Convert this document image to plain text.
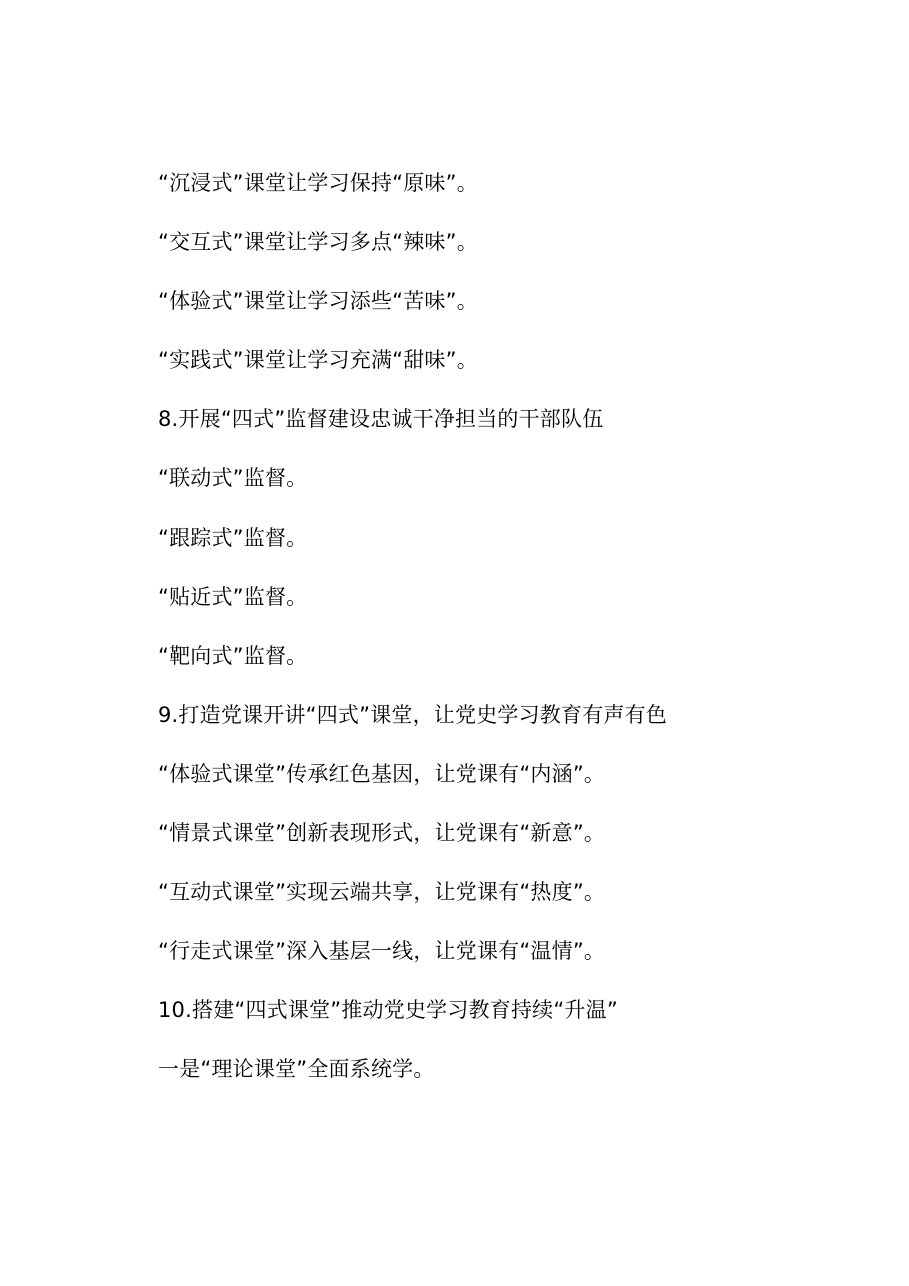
“沉浸式”课堂让学习保持“原味”。
“交互式”课堂让学习多点“辣味”。
“体验式”课堂让学习添些“苦味”。
“实践式”课堂让学习充满“甜味”。
8.开展“四式”监督建设忠诚干净担当的干部队伍
“联动式”监督。
“跟踪式”监督。
“贴近式”监督。
“靶向式”监督。
9.打造党课开讲“四式”课堂，让党史学习教育有声有色
“体验式课堂”传承红色基因，让党课有“内涵”。
“情景式课堂”创新表现形式，让党课有“新意”。
“互动式课堂”实现云端共享，让党课有“热度”。
“行走式课堂”深入基层一线，让党课有“温情”。
10.搭建“四式课堂”推动党史学习教育持续“升温”
一是“理论课堂”全面系统学。
